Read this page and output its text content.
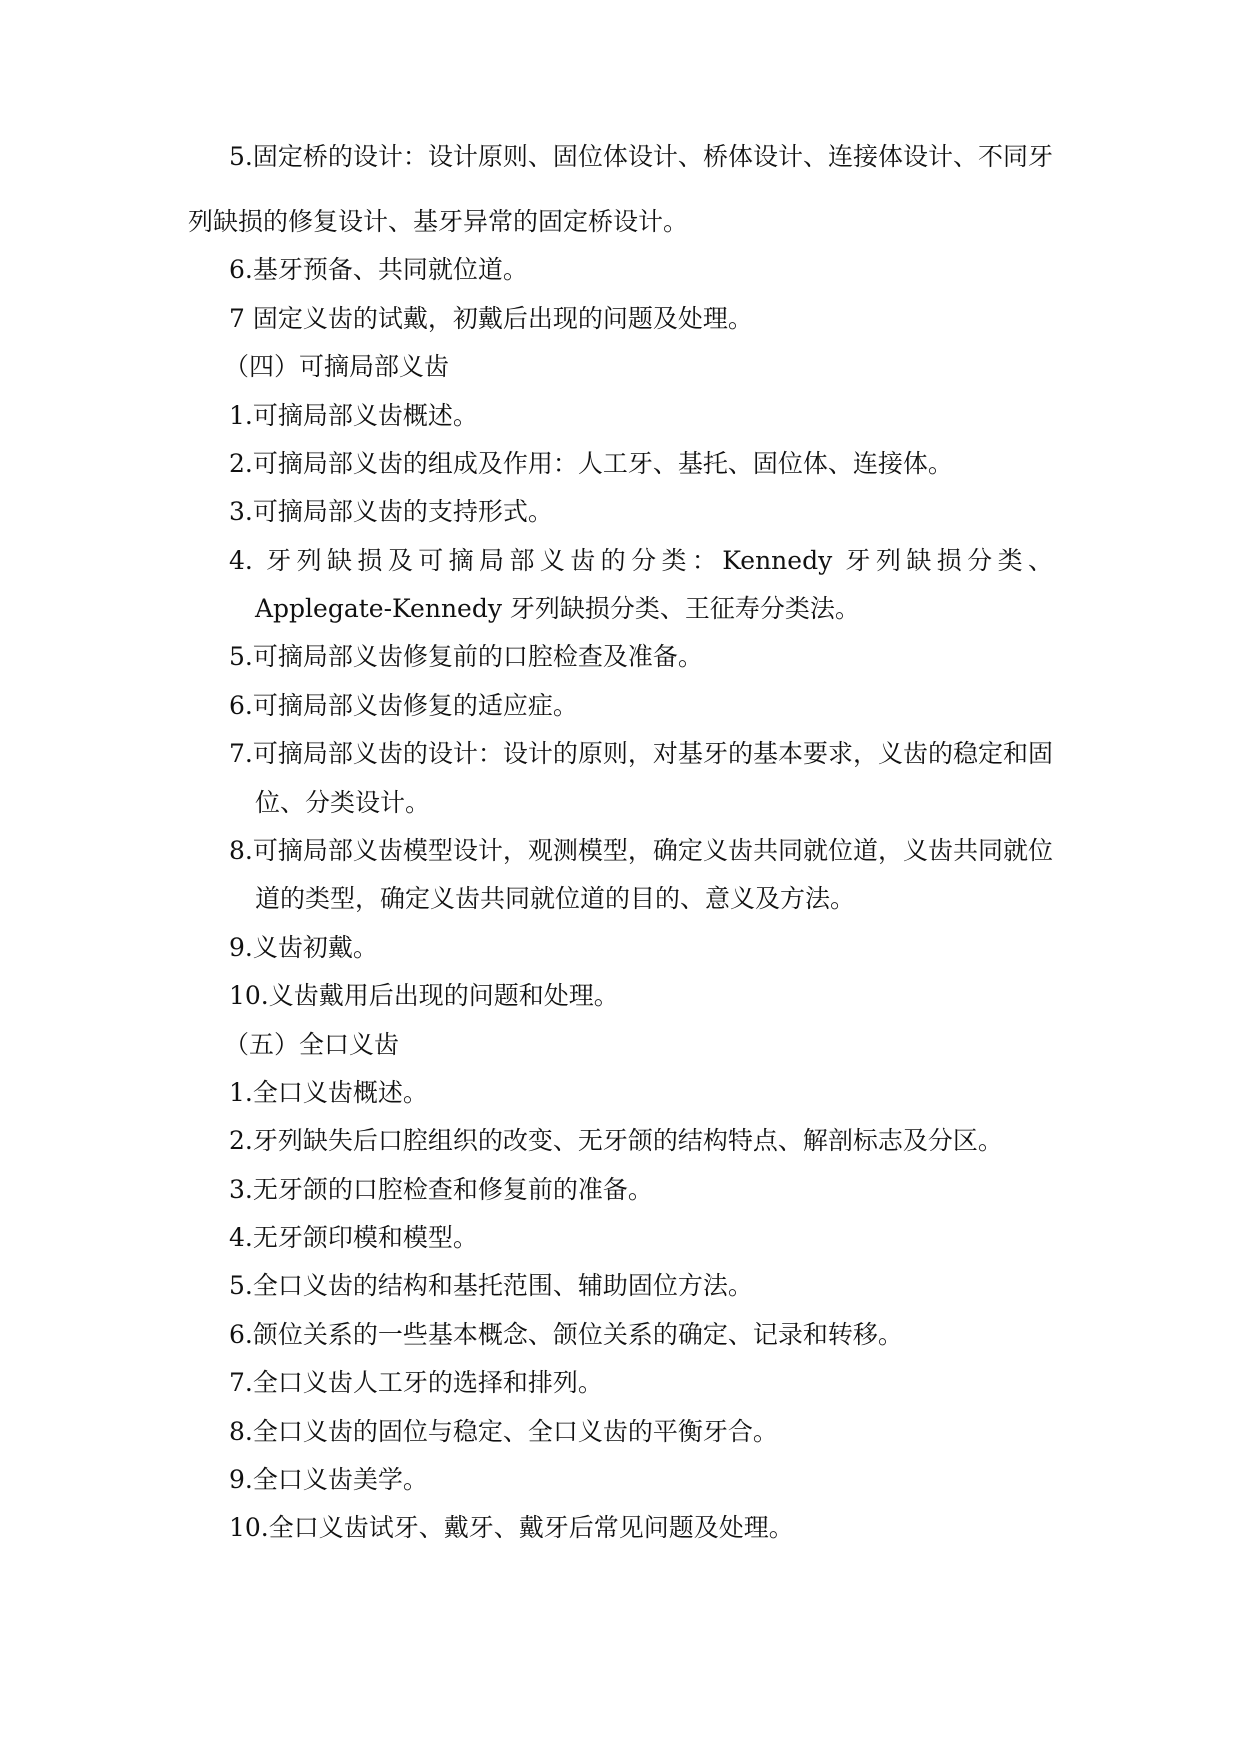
5.固定桥的设计：设计原则、固位体设计、桥体设计、连接体设计、不同牙
列缺损的修复设计、基牙异常的固定桥设计。
6.基牙预备、共同就位道。
7 固定义齿的试戴，初戴后出现的问题及处理。
（四）可摘局部义齿
1.可摘局部义齿概述。
2.可摘局部义齿的组成及作用：人工牙、基托、固位体、连接体。
3.可摘局部义齿的支持形式。
4. 牙列缺损及可摘局部义齿的分类：Kennedy 牙列缺损分类、
Applegate-Kennedy 牙列缺损分类、王征寿分类法。
5.可摘局部义齿修复前的口腔检查及准备。
6.可摘局部义齿修复的适应症。
7.可摘局部义齿的设计：设计的原则，对基牙的基本要求，义齿的稳定和固
位、分类设计。
8.可摘局部义齿模型设计，观测模型，确定义齿共同就位道，义齿共同就位
道的类型，确定义齿共同就位道的目的、意义及方法。
9.义齿初戴。
10.义齿戴用后出现的问题和处理。
（五）全口义齿
1.全口义齿概述。
2.牙列缺失后口腔组织的改变、无牙颌的结构特点、解剖标志及分区。
3.无牙颌的口腔检查和修复前的准备。
4.无牙颌印模和模型。
5.全口义齿的结构和基托范围、辅助固位方法。
6.颌位关系的一些基本概念、颌位关系的确定、记录和转移。
7.全口义齿人工牙的选择和排列。
8.全口义齿的固位与稳定、全口义齿的平衡牙合。
9.全口义齿美学。
10.全口义齿试牙、戴牙、戴牙后常见问题及处理。
